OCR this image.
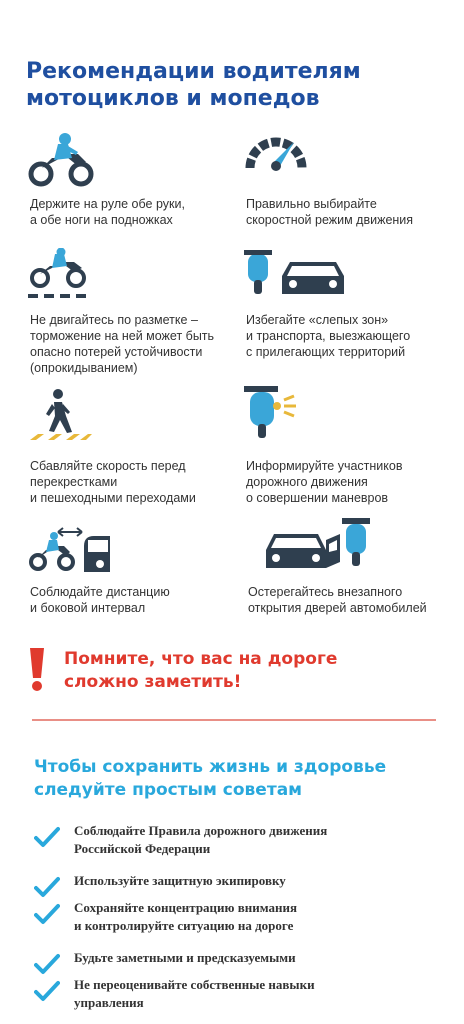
Рекомендации водителям
мотоциклов и мопедов
Держите на руле обе руки,
а обе ноги на подножках
Правильно выбирайте
скоростной режим движения
Не двигайтесь по разметке –
торможение на ней может быть
опасно потерей устойчивости
(опрокидыванием)
Избегайте «слепых зон»
и транспорта, выезжающего
с прилегающих территорий
Сбавляйте скорость перед
перекрестками
и пешеходными переходами
Информируйте участников
дорожного движения
о совершении маневров
Соблюдайте дистанцию
и боковой интервал
Остерегайтесь внезапного
открытия дверей автомобилей
Помните, что вас на дороге
сложно заметить!
Чтобы сохранить жизнь и здоровье
следуйте простым советам
Соблюдайте Правила дорожного движения
Российской Федерации
Используйте защитную экипировку
Сохраняйте концентрацию внимания
и контролируйте ситуацию на дороге
Будьте заметными и предсказуемыми
Не переоценивайте собственные навыки
управления
